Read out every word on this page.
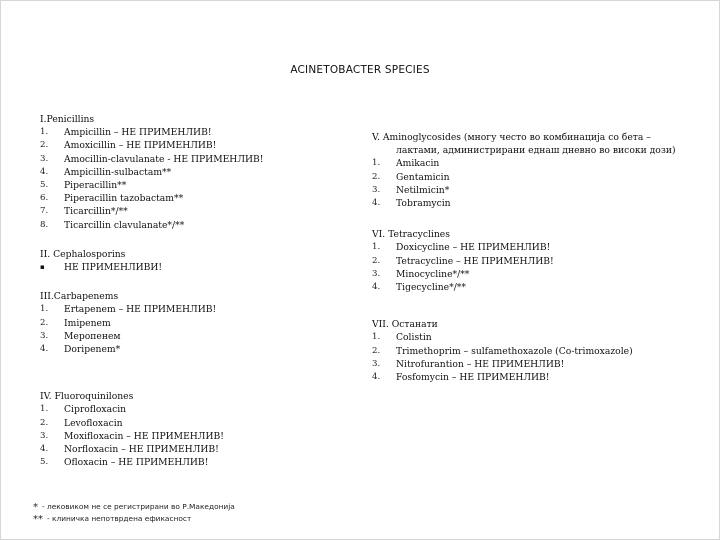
ACINETOBACTER SPECIES
I.Penicillins
1.	Ampicillin – НЕ ПРИМЕНЛИВ!
2.	Amoxicillin – НЕ ПРИМЕНЛИВ!
3.	Amocillin-clavulanate - НЕ ПРИМЕНЛИВ!
4.	Ampicillin-sulbactam**
5.	Piperacillin**
6.	Piperacillin tazobactam**
7.	Ticarcillin*/**
8.	Ticarcillin clavulanate*/**
II. Cephalosporins
▪	НЕ ПРИМЕНЛИВИ!
III.Carbapenems
1.	Ertapenem – НЕ ПРИМЕНЛИВ!
2.	Imipenem
3.	Меропенем
4.	Doripenem*
IV. Fluoroquinilones
1.	Ciprofloxacin
2.	Levofloxacin
3.	Moxifloxacin – НЕ ПРИМЕНЛИВ!
4.	Norfloxacin – НЕ ПРИМЕНЛИВ!
5.	Ofloxacin – НЕ ПРИМЕНЛИВ!
V. Aminoglycosides (многу често во комбинација со бета – лактами, администрирани еднаш дневно во високи дози)
1.	Amikacin
2.	Gentamicin
3.	Netilmicin*
4.	Tobramycin
VI. Tetracyclines
1.	Doxicycline – НЕ ПРИМЕНЛИВ!
2.	Tetracycline – НЕ ПРИМЕНЛИВ!
3.	Minocycline*/**
4.	Tigecycline*/**
VII. Останати
1.	Colistin
2.	Trimethoprim – sulfamethoxazole (Co-trimoxazole)
3.	Nitrofurantion – НЕ ПРИМЕНЛИВ!
4.	Fosfomycin – НЕ ПРИМЕНЛИВ!
* - лековиком не се регистрирани во Р.Македонија
** - клиничка непотврдена ефикасност
